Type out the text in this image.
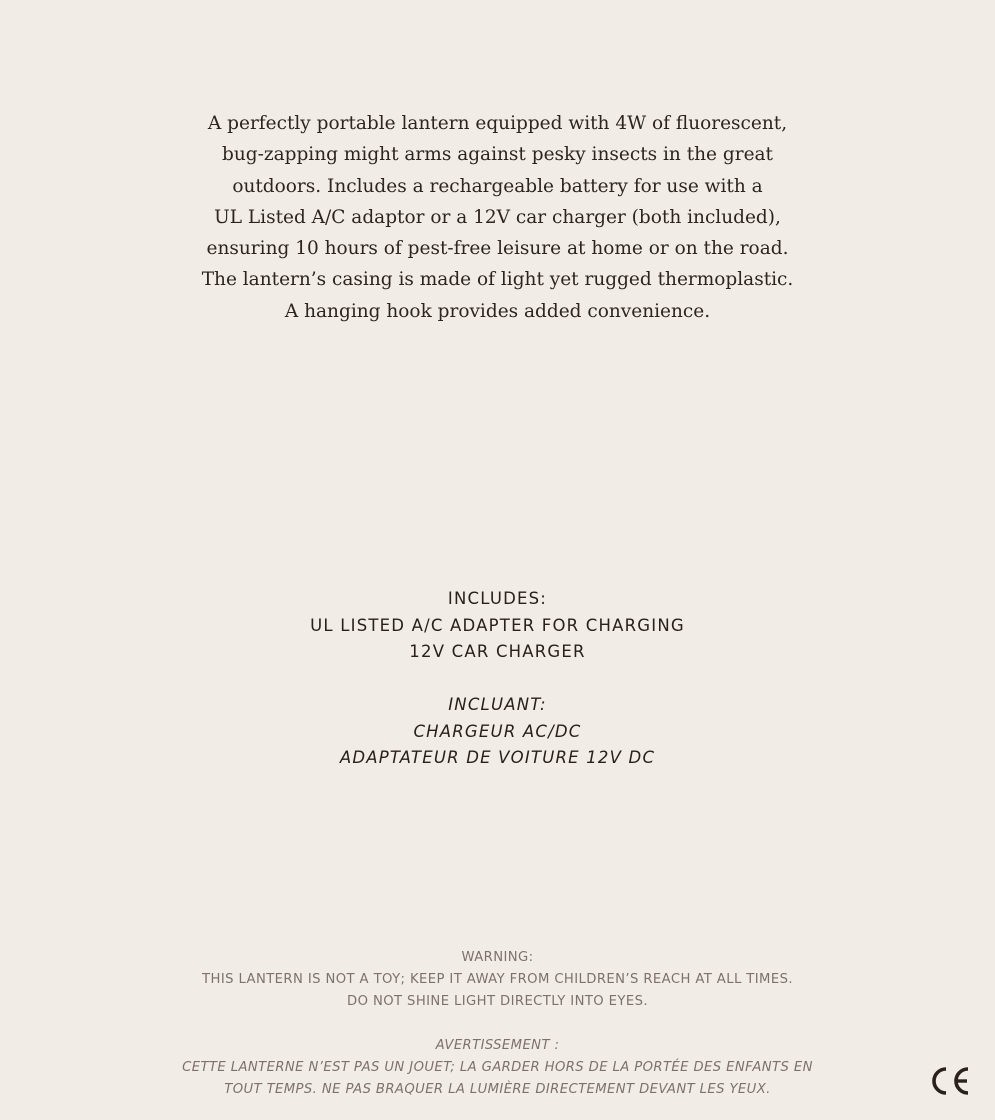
A perfectly portable lantern equipped with 4W of fluorescent,
bug-zapping might arms against pesky insects in the great
outdoors. Includes a rechargeable battery for use with a
UL Listed A/C adaptor or a 12V car charger (both included),
ensuring 10 hours of pest-free leisure at home or on the road.
The lantern’s casing is made of light yet rugged thermoplastic.
A hanging hook provides added convenience.
INCLUDES:
UL LISTED A/C ADAPTER FOR CHARGING
12V CAR CHARGER
INCLUANT:
CHARGEUR AC/DC
ADAPTATEUR DE VOITURE 12V DC
WARNING:
THIS LANTERN IS NOT A TOY; KEEP IT AWAY FROM CHILDREN’S REACH AT ALL TIMES.
DO NOT SHINE LIGHT DIRECTLY INTO EYES.
AVERTISSEMENT :
CETTE LANTERNE N’EST PAS UN JOUET; LA GARDER HORS DE LA PORTÉE DES ENFANTS EN
TOUT TEMPS. NE PAS BRAQUER LA LUMIÈRE DIRECTEMENT DEVANT LES YEUX.
